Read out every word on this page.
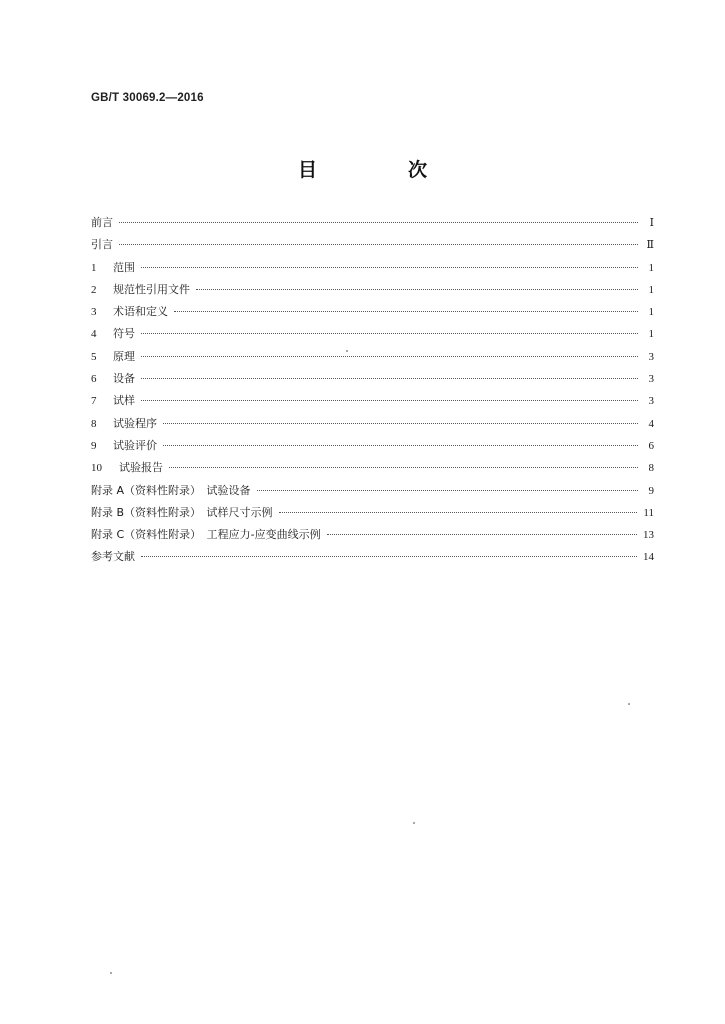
GB/T 30069.2—2016
目　次
前言	Ⅰ
引言	Ⅱ
1	范围	1
2	规范性引用文件	1
3	术语和定义	1
4	符号	1
5	原理	3
6	设备	3
7	试样	3
8	试验程序	4
9	试验评价	6
10	试验报告	8
附录 A（资料性附录）　试验设备	9
附录 B（资料性附录）　试样尺寸示例	11
附录 C（资料性附录）　工程应力-应变曲线示例	13
参考文献	14
